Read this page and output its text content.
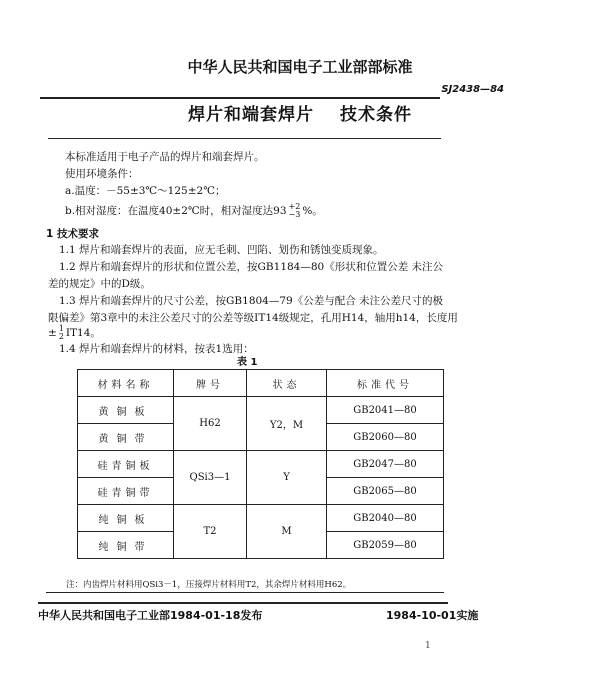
中华人民共和国电子工业部部标准
SJ2438—84
焊片和端套焊片 技术条件
本标准适用于电子产品的焊片和端套焊片。
使用环境条件：
a.温度：－55±3℃～125±2℃；
b.相对湿度：在温度40±2℃时，相对湿度达93 +2
−3 %。
1 技术要求
1.1 焊片和端套焊片的表面，应无毛刺、凹陷、划伤和锈蚀变质现象。
1.2 焊片和端套焊片的形状和位置公差，按GB1184—80《形状和位置公差 未注公
差的规定》中的D级。
1.3 焊片和端套焊片的尺寸公差，按GB1804—79《公差与配合 未注公差尺寸的极
限偏差》第3章中的未注公差尺寸的公差等级IT14级规定，孔用H14，轴用h14，长度用
± 1
2 IT14。
1.4 焊片和端套焊片的材料，按表1选用：
表 1
材料名称	牌号	状态	标准代号
黄铜板	H62	Y2，M	GB2041—80
黄铜带			GB2060—80
硅青铜板	QSi3—1	Y	GB2047—80
硅青铜带			GB2065—80
纯铜板	T2	M	GB2040—80
纯铜带			GB2059—80
注：内齿焊片材料用QSi3－1，压接焊片材料用T2，其余焊片材料用H62。
中华人民共和国电子工业部1984-01-18发布	1984-10-01实施
1
